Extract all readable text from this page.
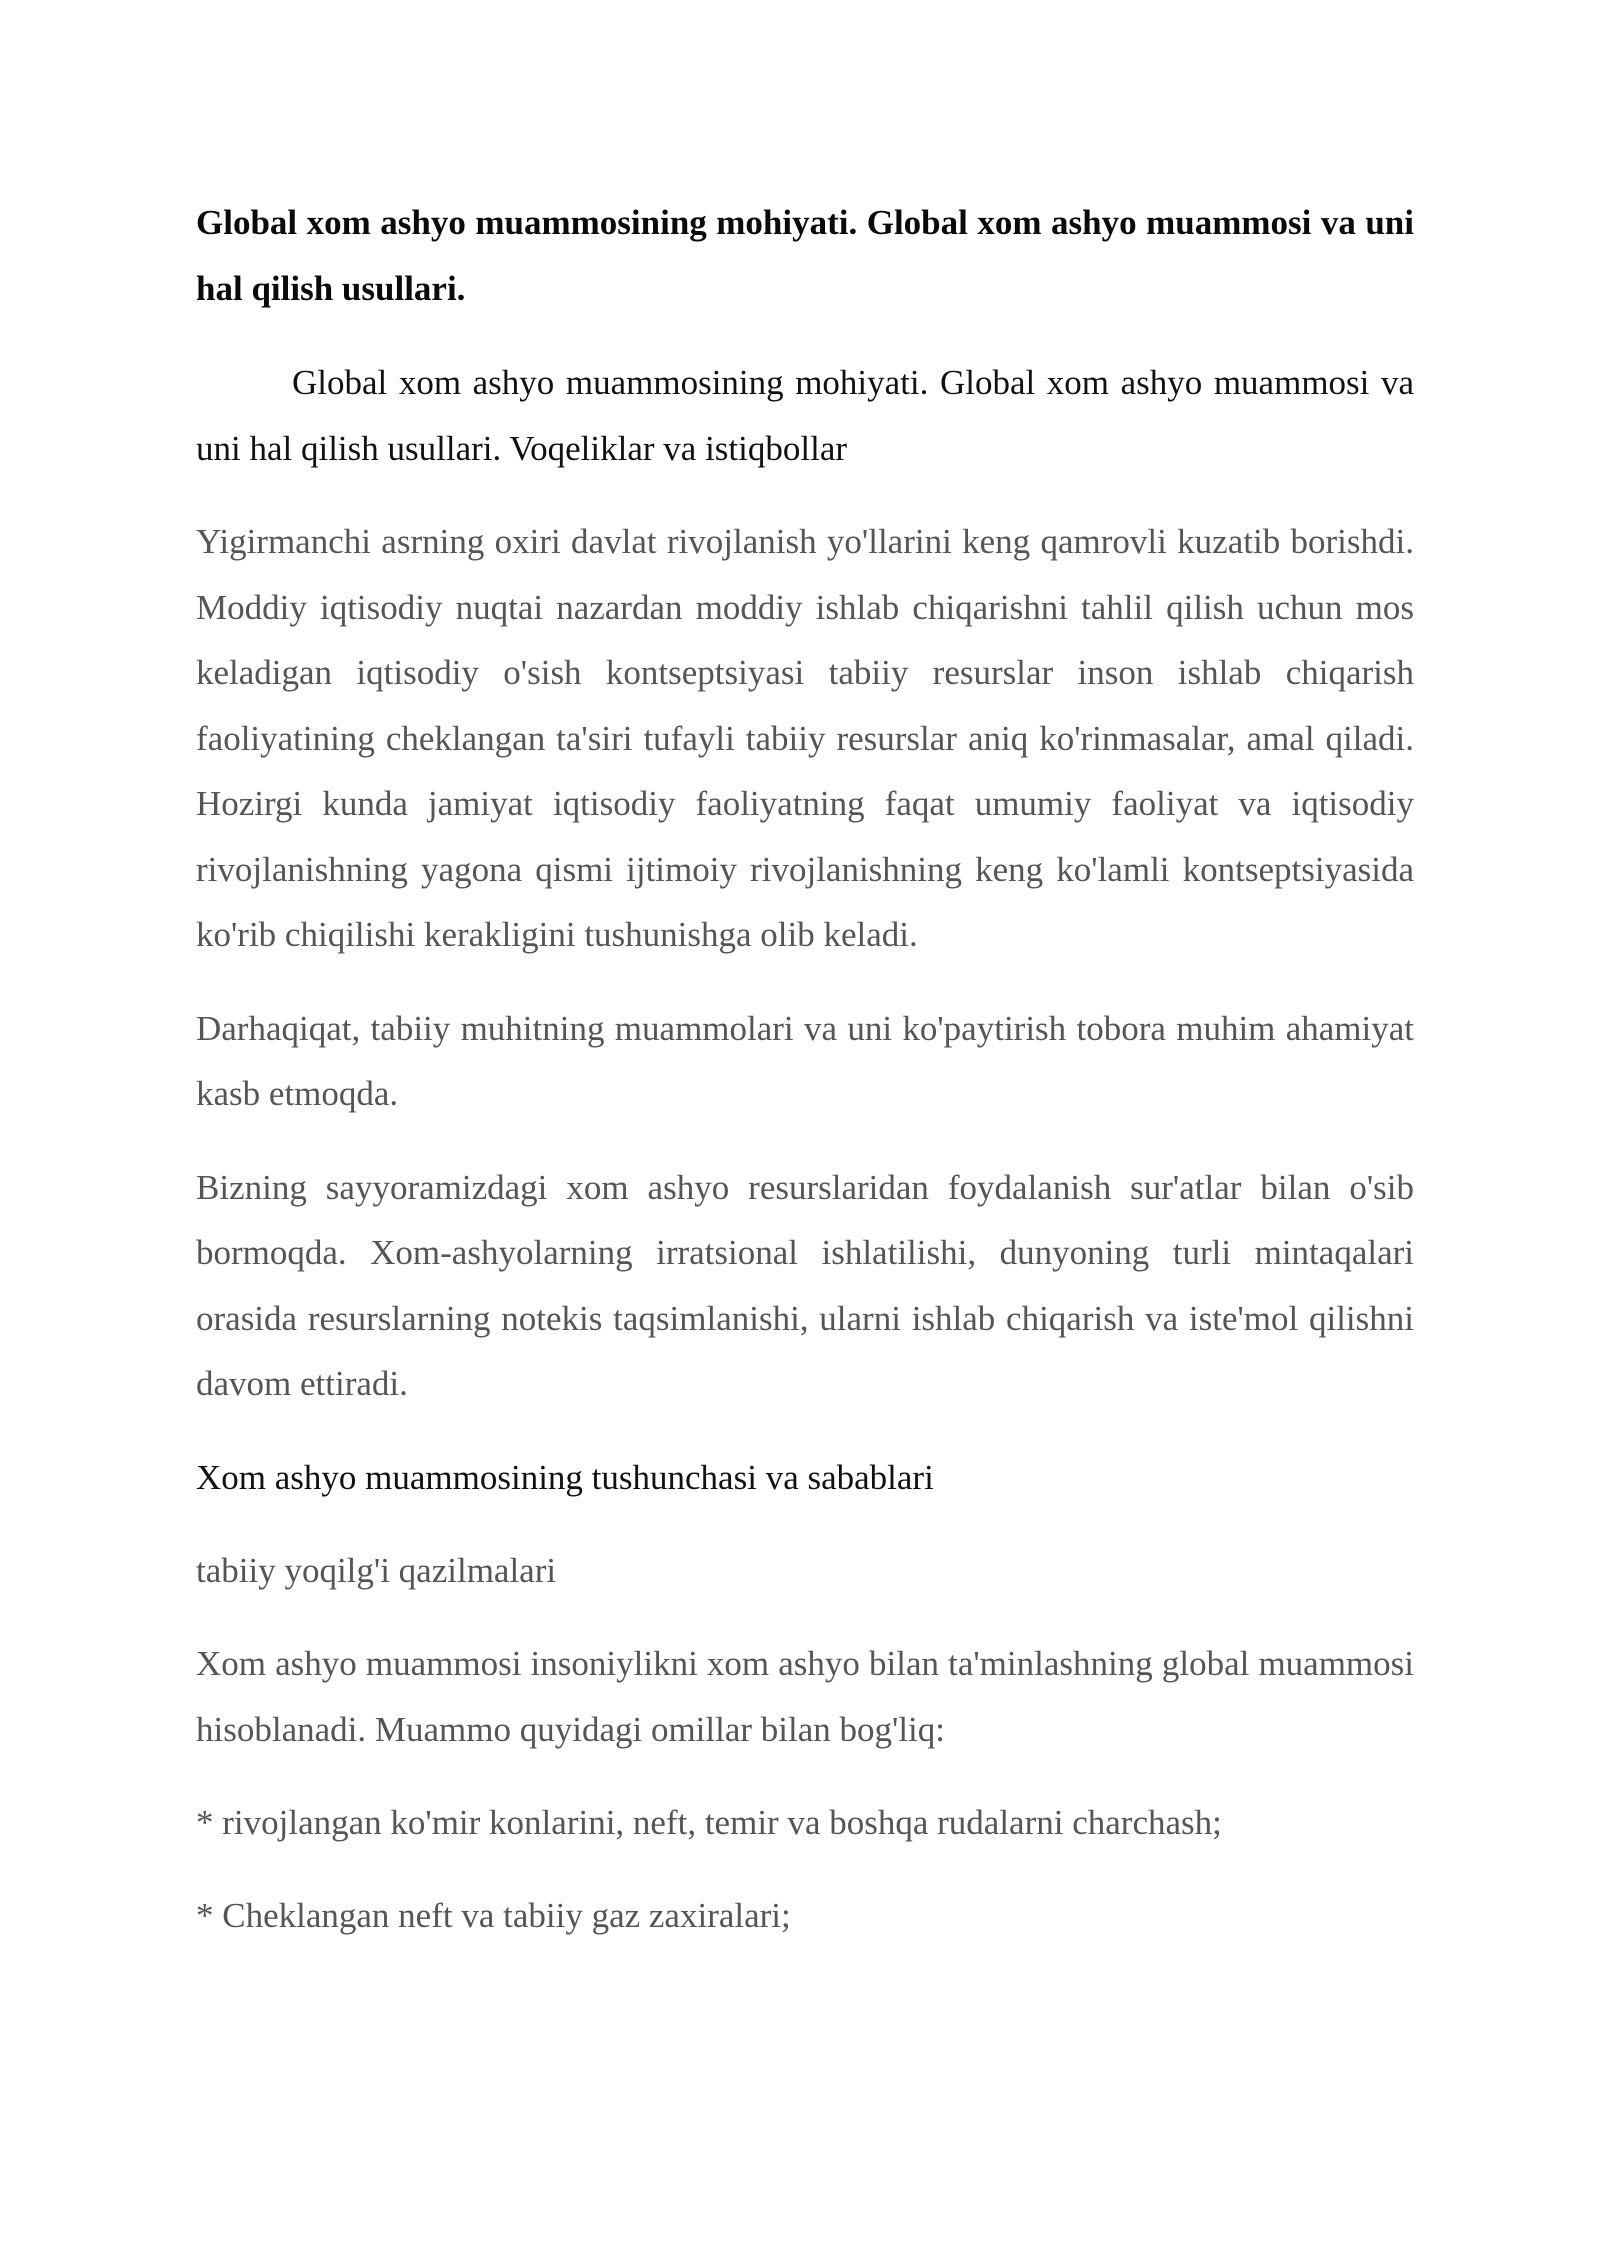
Global xom ashyo muammosining mohiyati. Global xom ashyo muammosi va uni hal qilish usullari.

Global xom ashyo muammosining mohiyati. Global xom ashyo muammosi va uni hal qilish usullari. Voqeliklar va istiqbollar

Yigirmanchi asrning oxiri davlat rivojlanish yo'llarini keng qamrovli kuzatib borishdi. Moddiy iqtisodiy nuqtai nazardan moddiy ishlab chiqarishni tahlil qilish uchun mos keladigan iqtisodiy o'sish kontseptsiyasi tabiiy resurslar inson ishlab chiqarish faoliyatining cheklangan ta'siri tufayli tabiiy resurslar aniq ko'rinmasalar, amal qiladi. Hozirgi kunda jamiyat iqtisodiy faoliyatning faqat umumiy faoliyat va iqtisodiy rivojlanishning yagona qismi ijtimoiy rivojlanishning keng ko'lamli kontseptsiyasida ko'rib chiqilishi kerakligini tushunishga olib keladi.

Darhaqiqat, tabiiy muhitning muammolari va uni ko'paytirish tobora muhim ahamiyat kasb etmoqda.

Bizning sayyoramizdagi xom ashyo resurslaridan foydalanish sur'atlar bilan o'sib bormoqda. Xom-ashyolarning irratsional ishlatilishi, dunyoning turli mintaqalari orasida resurslarning notekis taqsimlanishi, ularni ishlab chiqarish va iste'mol qilishni davom ettiradi.

Xom ashyo muammosining tushunchasi va sabablari

tabiiy yoqilg'i qazilmalari

Xom ashyo muammosi insoniylikni xom ashyo bilan ta'minlashning global muammosi hisoblanadi. Muammo quyidagi omillar bilan bog'liq:

* rivojlangan ko'mir konlarini, neft, temir va boshqa rudalarni charchash;

* Cheklangan neft va tabiiy gaz zaxiralari;
